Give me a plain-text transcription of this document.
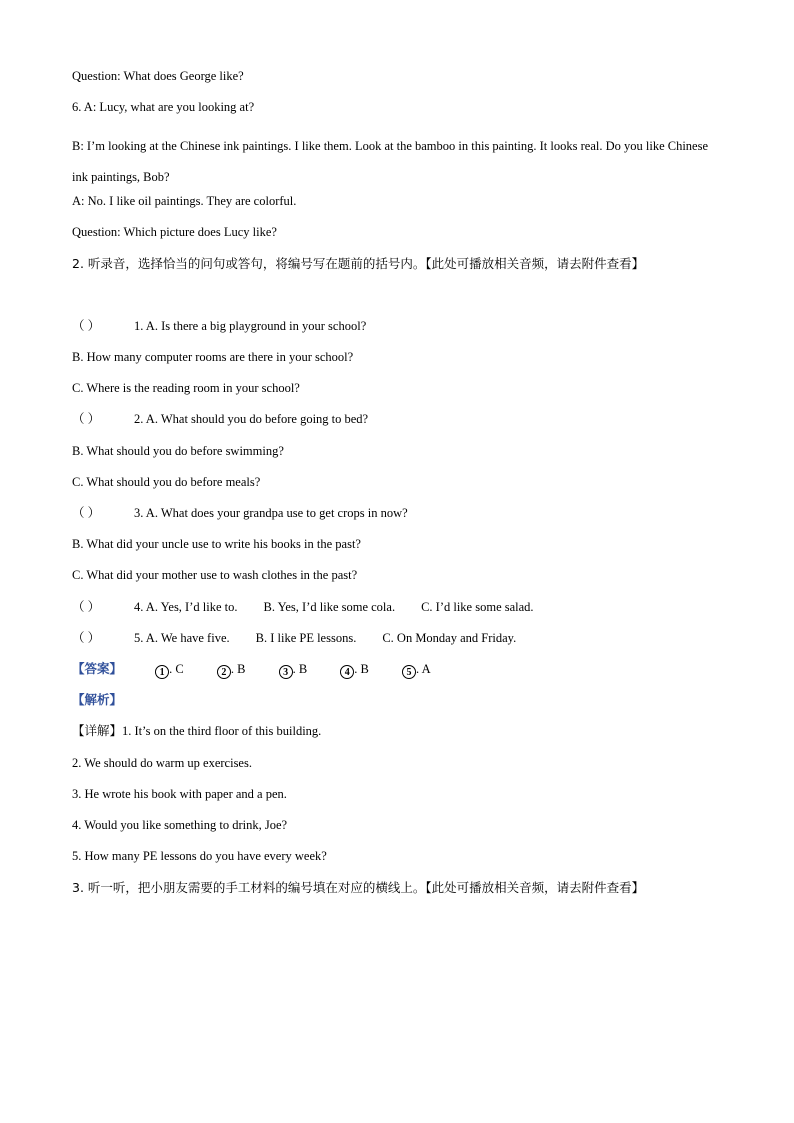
Question: What does George like?
6. A: Lucy, what are you looking at?
B: I’m looking at the Chinese ink paintings. I like them. Look at the bamboo in this painting. It looks real. Do you like Chinese ink paintings, Bob?
A: No. I like oil paintings. They are colorful.
Question: Which picture does Lucy like?
2. 听录音，选择恰当的问句或答句，将编号写在题前的括号内。【此处可播放相关音频，请去附件查看】
（ ）	1. A. Is there a big playground in your school?
B. How many computer rooms are there in your school?
C. Where is the reading room in your school?
（ ）	2. A. What should you do before going to bed?
B. What should you do before swimming?
C. What should you do before meals?
（ ）	3. A. What does your grandpa use to get crops in now?
B. What did your uncle use to write his books in the past?
C. What did your mother use to wash clothes in the past?
（ ）	4. A. Yes, I’d like to. B. Yes, I’d like some cola. C. I’d like some salad.
（ ）	5. A. We have five. B. I like PE lessons. C. On Monday and Friday.
【答案】	1 . C	2 . B	3 . B	4 . B	5 . A
【解析】
【详解】1. It’s on the third floor of this building.
2. We should do warm up exercises.
3. He wrote his book with paper and a pen.
4. Would you like something to drink, Joe?
5. How many PE lessons do you have every week?
3. 听一听，把小朋友需要的手工材料的编号填在对应的横线上。【此处可播放相关音频，请去附件查看】
